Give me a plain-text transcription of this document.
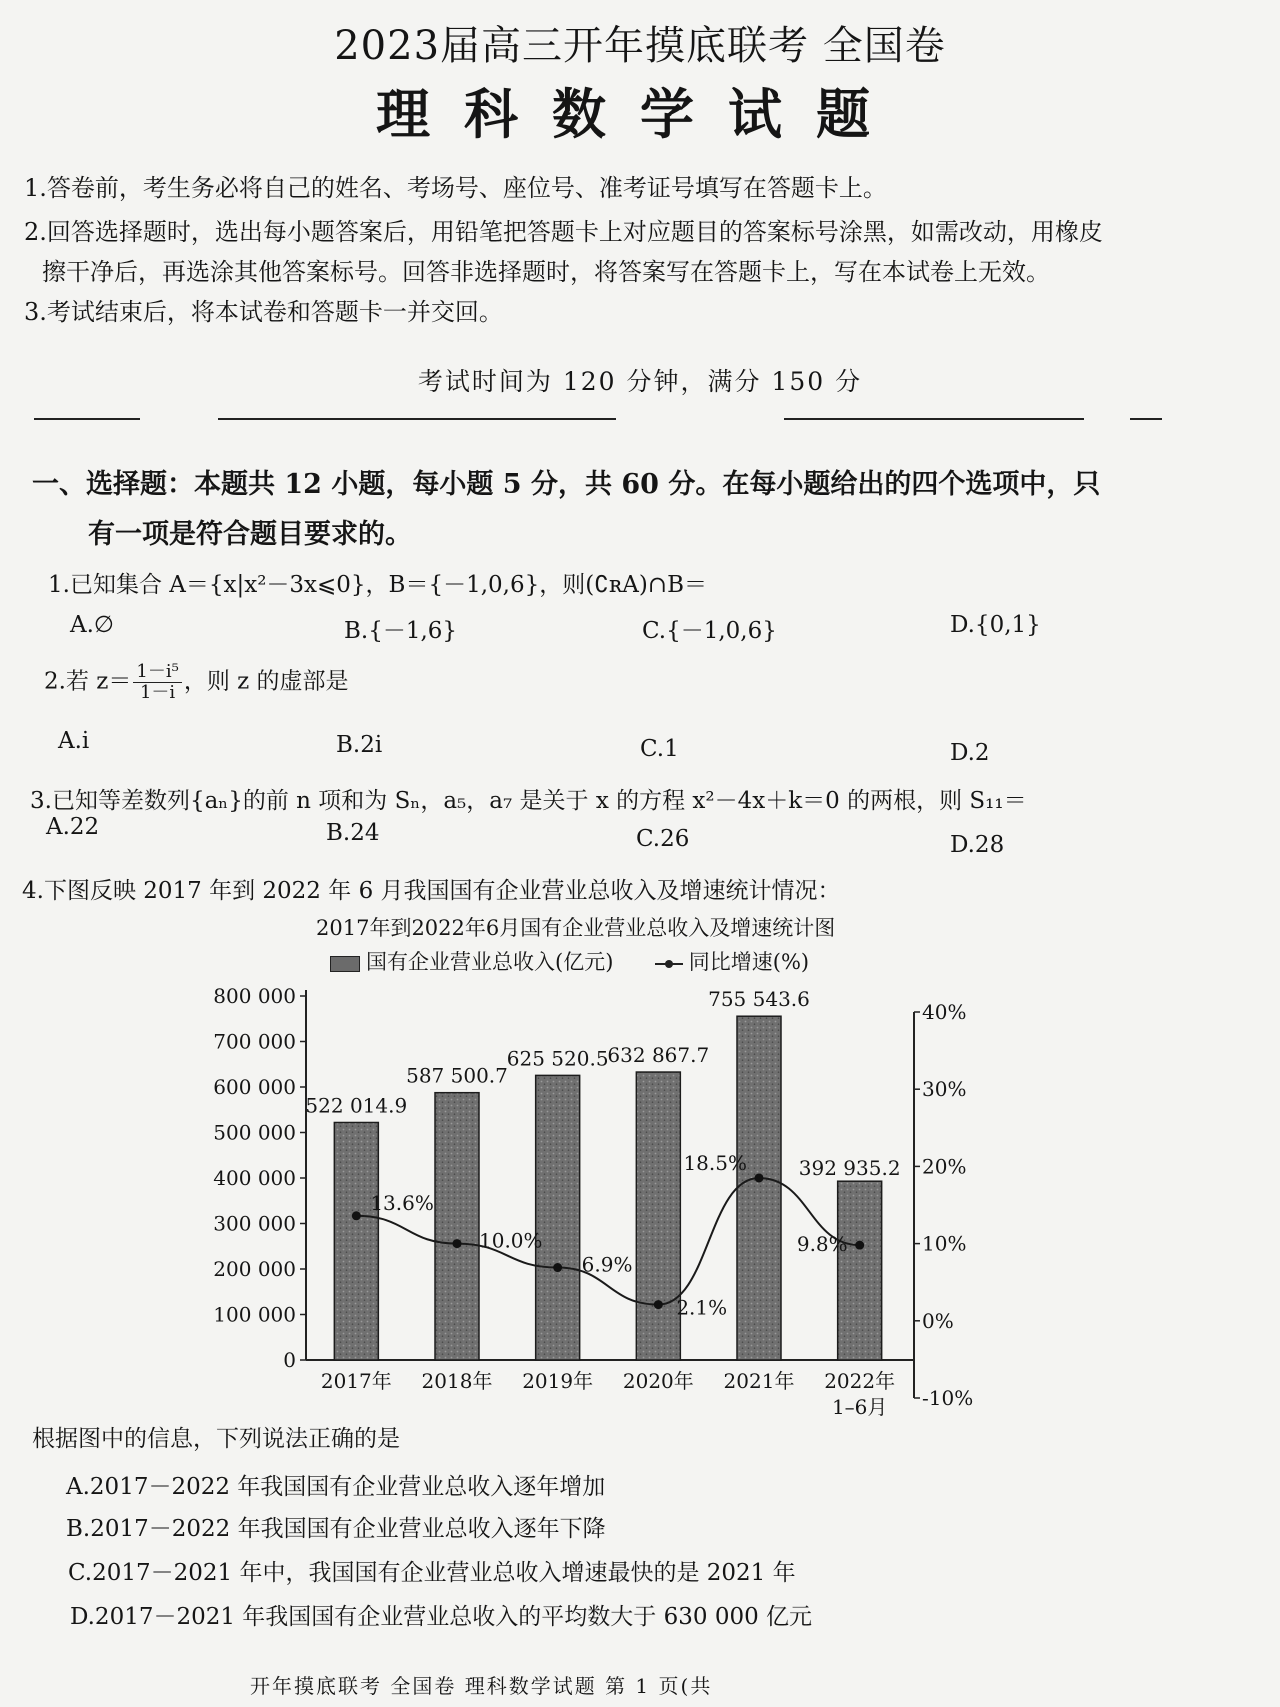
2023届高三开年摸底联考 全国卷
理科数学试题
1.答卷前，考生务必将自己的姓名、考场号、座位号、准考证号填写在答题卡上。
2.回答选择题时，选出每小题答案后，用铅笔把答题卡上对应题目的答案标号涂黑，如需改动，用橡皮
擦干净后，再选涂其他答案标号。回答非选择题时，将答案写在答题卡上，写在本试卷上无效。
3.考试结束后，将本试卷和答题卡一并交回。
考试时间为 120 分钟，满分 150 分
一、选择题：本题共 12 小题，每小题 5 分，共 60 分。在每小题给出的四个选项中，只
有一项是符合题目要求的。
1.已知集合 A＝{x|x²－3x⩽0}，B＝{－1,0,6}，则(∁ʀA)∩B＝
A.∅	B.{－1,6}	C.{－1,0,6}	D.{0,1}
2.若 $z= \frac{\text{1－i⁵}}{1-i}$ ，则 z 的虚部是
A.i	B.2i	C.1	D.2
3.已知等差数列{aₙ}的前 n 项和为 Sₙ，a₅，a₇ 是关于 x 的方程 x²－4x＋k＝0 的两根，则 S₁₁＝
A.22	B.24	C.26	D.28
4.下图反映 2017 年到 2022 年 6 月我国国有企业营业总收入及增速统计情况：
2017年到2022年6月国有企业营业总收入及增速统计图
国有企业营业总收入(亿元)	同比增速(%)
0
100 000
200 000
300 000
400 000
500 000
600 000
700 000
800 000
-10%
0%
10%
20%
30%
40%
522 014.9
587 500.7
625 520.5
632 867.7
755 543.6
392 935.2
2017年 2018年 2019年 2020年 2021年 2022年
1–6月
13.6%
10.0%
6.9%
2.1%
18.5%
9.8%
根据图中的信息，下列说法正确的是
A.2017－2022 年我国国有企业营业总收入逐年增加
B.2017－2022 年我国国有企业营业总收入逐年下降
C.2017－2021 年中，我国国有企业营业总收入增速最快的是 2021 年
D.2017－2021 年我国国有企业营业总收入的平均数大于 630 000 亿元
开年摸底联考 全国卷 理科数学试题 第 1 页(共
